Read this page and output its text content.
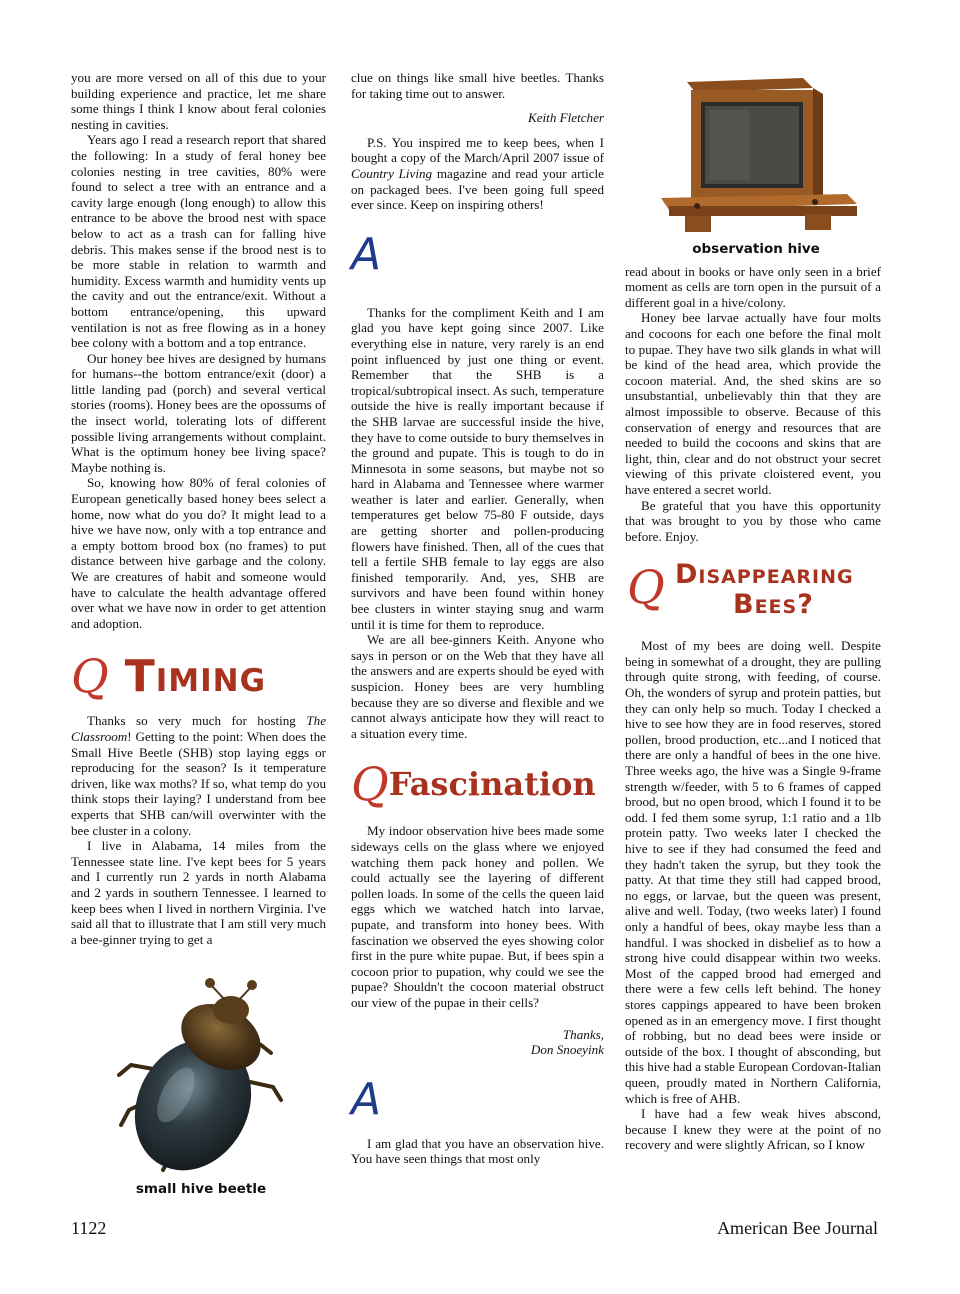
you are more versed on all of this due to your building experience and practice, let me share some things I think I know about feral colonies nesting in cavities.

Years ago I read a research report that shared the following: In a study of feral honey bee colonies nesting in tree cavities, 80% were found to select a tree with an entrance and a cavity large enough (long enough) to allow this entrance to be above the brood nest with space below to act as a trash can for falling hive debris. This makes sense if the brood nest is to be more stable in relation to warmth and humidity. Excess warmth and humidity vents up the cavity and out the entrance/exit. Without a bottom entrance/opening, this upward ventilation is not as free flowing as in a honey bee colony with a bottom and a top entrance.

Our honey bee hives are designed by humans for humans--the bottom entrance/exit (door) a little landing pad (porch) and several vertical stories (rooms). Honey bees are the opossums of the insect world, tolerating lots of different possible living arrangements without complaint. What is the optimum honey bee living space? Maybe nothing is.

So, knowing how 80% of feral colonies of European genetically based honey bees select a home, now what do you do? It might lead to a hive we have now, only with a top entrance and a empty bottom brood box (no frames) to put distance between hive garbage and the colony. We are creatures of habit and someone would have to calculate the health advantage offered over what we have now in order to get attention and adoption.

Q Timing

Thanks so very much for hosting The Classroom! Getting to the point: When does the Small Hive Beetle (SHB) stop laying eggs or reproducing for the season? Is it temperature driven, like wax moths? If so, what temp do you think stops their laying? I understand from bee experts that SHB can/will overwinter with the bee cluster in a colony.

I live in Alabama, 14 miles from the Tennessee state line. I've kept bees for 5 years and I currently run 2 yards in north Alabama and 2 yards in southern Tennessee. I learned to keep bees when I lived in northern Virginia. I've said all that to illustrate that I am still very much a bee-ginner trying to get a

small hive beetle

clue on things like small hive beetles. Thanks for taking time out to answer.

Keith Fletcher

P.S. You inspired me to keep bees, when I bought a copy of the March/April 2007 issue of Country Living magazine and read your article on packaged bees. I've been going full speed ever since. Keep on inspiring others!

A

Thanks for the compliment Keith and I am glad you have kept going since 2007. Like everything else in nature, very rarely is an end point influenced by just one thing or event. Remember that the SHB is a tropical/subtropical insect. As such, temperature outside the hive is really important because if the SHB larvae are successful inside the hive, they have to come outside to bury themselves in the ground and pupate. This is tough to do in Minnesota in some seasons, but maybe not so hard in Alabama and Tennessee where warmer weather is later and earlier. Generally, when temperatures get below 75-80 F outside, days are getting shorter and pollen-producing flowers have finished. Then, all of the cues that tell a fertile SHB female to lay eggs are also finished temporarily. And, yes, SHB are survivors and have been found within honey bee clusters in winter staying snug and warm until it is time for them to reproduce.

We are all bee-ginners Keith. Anyone who says in person or on the Web that they have all the answers and are experts should be eyed with suspicion. Honey bees are very humbling because they are so diverse and flexible and we cannot always anticipate how they will react to a situation every time.

Q Fascination

My indoor observation hive bees made some sideways cells on the glass where we enjoyed watching them pack honey and pollen. We could actually see the layering of different pollen loads. In some of the cells the queen laid eggs which we watched hatch into larvae, pupate, and transform into honey bees. With fascination we observed the eyes showing color first in the pure white pupae. But, if bees spin a cocoon prior to pupation, why could we see the pupae? Shouldn't the cocoon material obstruct our view of the pupae in their cells?

Thanks,

Don Snoeyink

A

I am glad that you have an observation hive. You have seen things that most only

observation hive

read about in books or have only seen in a brief moment as cells are torn open in the pursuit of a different goal in a hive/colony.

Honey bee larvae actually have four molts and cocoons for each one before the final molt to pupae. They have two silk glands in what will be kind of the head area, which provide the cocoon material. And, the shed skins are so unsubstantial, unbelievably thin that they are almost impossible to observe. Because of this conservation of energy and resources that are needed to build the cocoons and skins that are light, thin, clear and do not obstruct your secret viewing of this private cloistered event, you have entered a secret world.

Be grateful that you have this opportunity that was brought to you by those who came before. Enjoy.

Q Disappearing
Bees?

Most of my bees are doing well. Despite being in somewhat of a drought, they are pulling through quite strong, with feeding, of course. Oh, the wonders of syrup and protein patties, but they can only help so much. Today I checked a hive to see how they are in food reserves, stored pollen, brood production, etc...and I noticed that there are only a handful of bees in the one hive. Three weeks ago, the hive was a Single 9-frame strength w/feeder, with 5 to 6 frames of capped brood, but no open brood, which I found it to be odd. I fed them some syrup, 1:1 ratio and a 1lb protein patty. Two weeks later I checked the hive to see if they had consumed the feed and they hadn't taken the syrup, but they took the patty. At that time they still had capped brood, no eggs, or larvae, but the queen was present, alive and well. Today, (two weeks later) I found only a handful of bees, okay maybe less than a handful. I was shocked in disbelief as to how a strong hive could disappear within two weeks. Most of the capped brood had emerged and there were a few cells left behind. The honey stores cappings appeared to have been broken opened as in an emergency move. I first thought of robbing, but no dead bees were inside or outside of the box. I thought of absconding, but this hive had a stable European Cordovan-Italian queen, proudly mated in Northern California, which is free of AHB.

I have had a few weak hives abscond, because I knew they were at the point of no recovery and were slightly African, so I know

1122	American Bee Journal
